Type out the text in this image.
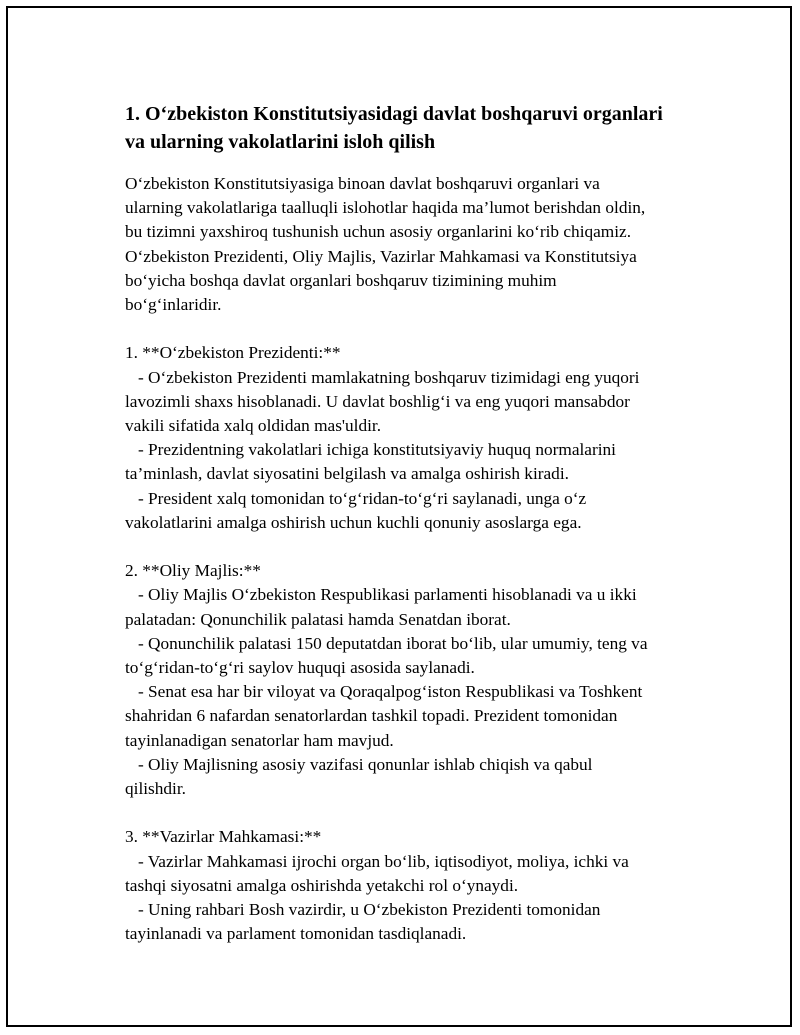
1. O‘zbekiston Konstitutsiyasidagi davlat boshqaruvi organlari
va ularning vakolatlarini isloh qilish
O‘zbekiston Konstitutsiyasiga binoan davlat boshqaruvi organlari va
ularning vakolatlariga taalluqli islohotlar haqida ma’lumot berishdan oldin,
bu tizimni yaxshiroq tushunish uchun asosiy organlarini ko‘rib chiqamiz.
O‘zbekiston Prezidenti, Oliy Majlis, Vazirlar Mahkamasi va Konstitutsiya
bo‘yicha boshqa davlat organlari boshqaruv tizimining muhim
bo‘g‘inlaridir.

1. **O‘zbekiston Prezidenti:**
- O‘zbekiston Prezidenti mamlakatning boshqaruv tizimidagi eng yuqori
lavozimli shaxs hisoblanadi. U davlat boshlig‘i va eng yuqori mansabdor
vakili sifatida xalq oldidan mas'uldir.
- Prezidentning vakolatlari ichiga konstitutsiyaviy huquq normalarini
ta’minlash, davlat siyosatini belgilash va amalga oshirish kiradi.
- President xalq tomonidan to‘g‘ridan-to‘g‘ri saylanadi, unga o‘z
vakolatlarini amalga oshirish uchun kuchli qonuniy asoslarga ega.

2. **Oliy Majlis:**
- Oliy Majlis O‘zbekiston Respublikasi parlamenti hisoblanadi va u ikki
palatadan: Qonunchilik palatasi hamda Senatdan iborat.
- Qonunchilik palatasi 150 deputatdan iborat bo‘lib, ular umumiy, teng va
to‘g‘ridan-to‘g‘ri saylov huquqi asosida saylanadi.
- Senat esa har bir viloyat va Qoraqalpog‘iston Respublikasi va Toshkent
shahridan 6 nafardan senatorlardan tashkil topadi. Prezident tomonidan
tayinlanadigan senatorlar ham mavjud.
- Oliy Majlisning asosiy vazifasi qonunlar ishlab chiqish va qabul
qilishdir.

3. **Vazirlar Mahkamasi:**
- Vazirlar Mahkamasi ijrochi organ bo‘lib, iqtisodiyot, moliya, ichki va
tashqi siyosatni amalga oshirishda yetakchi rol o‘ynaydi.
- Uning rahbari Bosh vazirdir, u O‘zbekiston Prezidenti tomonidan
tayinlanadi va parlament tomonidan tasdiqlanadi.
